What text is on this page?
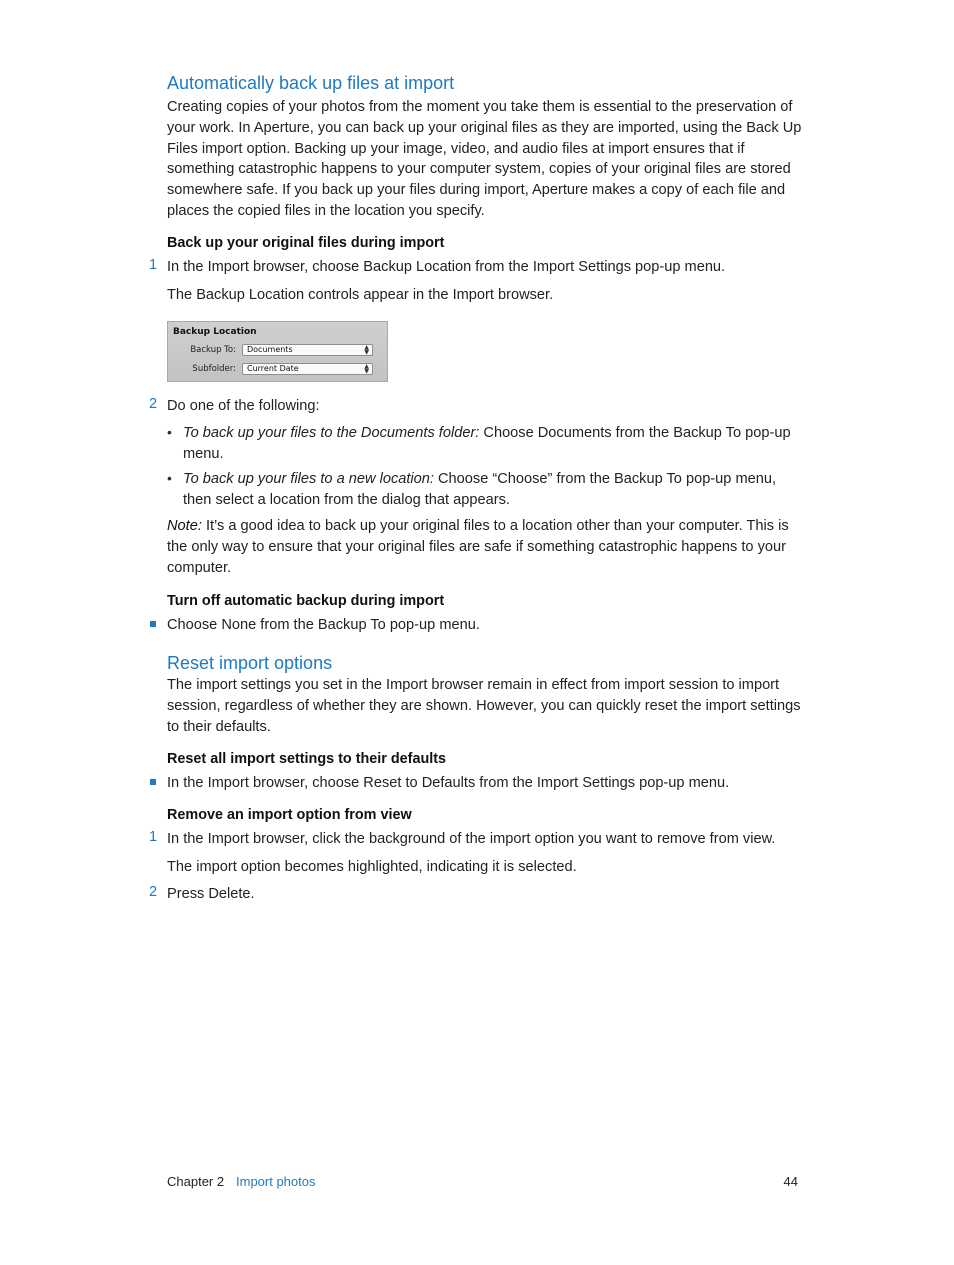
Automatically back up files at import
Creating copies of your photos from the moment you take them is essential to the preservation of your work. In Aperture, you can back up your original files as they are imported, using the Back Up Files import option. Backing up your image, video, and audio files at import ensures that if something catastrophic happens to your computer system, copies of your original files are stored somewhere safe. If you back up your files during import, Aperture makes a copy of each file and places the copied files in the location you specify.
Back up your original files during import
1 In the Import browser, choose Backup Location from the Import Settings pop-up menu.
The Backup Location controls appear in the Import browser.
Backup Location
Backup To:	Documents	▲
▼
Subfolder:	Current Date	▲
▼
2 Do one of the following:
• To back up your files to the Documents folder: Choose Documents from the Backup To pop-up menu.
• To back up your files to a new location: Choose “Choose” from the Backup To pop-up menu, then select a location from the dialog that appears.
Note: It’s a good idea to back up your original files to a location other than your computer. This is the only way to ensure that your original files are safe if something catastrophic happens to your computer.
Turn off automatic backup during import
Choose None from the Backup To pop-up menu.
Reset import options
The import settings you set in the Import browser remain in effect from import session to import session, regardless of whether they are shown. However, you can quickly reset the import settings to their defaults.
Reset all import settings to their defaults
In the Import browser, choose Reset to Defaults from the Import Settings pop-up menu.
Remove an import option from view
1 In the Import browser, click the background of the import option you want to remove from view.
The import option becomes highlighted, indicating it is selected.
2 Press Delete.
Chapter 2 Import photos	44
